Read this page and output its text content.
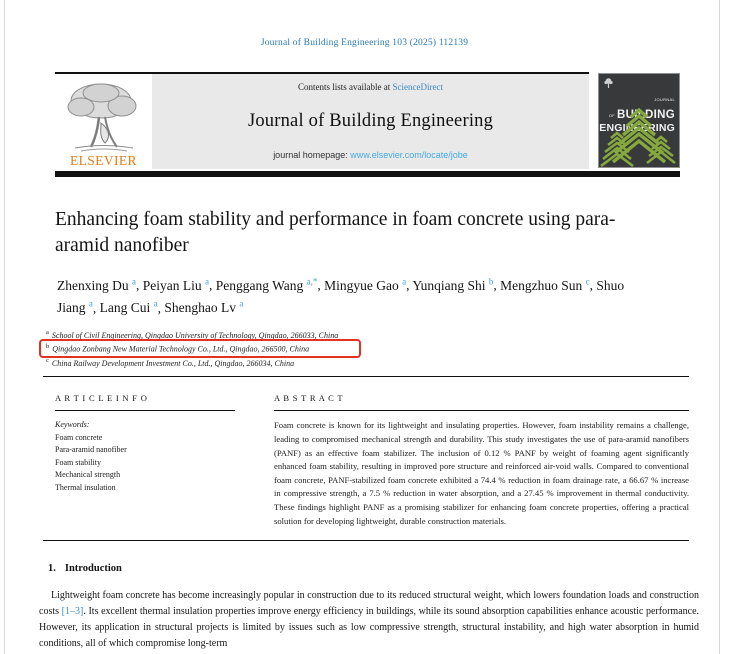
Journal of Building Engineering 103 (2025) 112139
ELSEVIER
Contents lists available at ScienceDirect
Journal of Building Engineering
journal homepage: www.elsevier.com/locate/jobe
JOURNAL OF BUILDING
ENGINEERING
Enhancing foam stability and performance in foam concrete using para-aramid nanofiber
Zhenxing Du $^a$, Peiyan Liu $^a$, Penggang Wang $^{a,*}$, Mingyue Gao $^a$, Yunqiang Shi $^b$, Mengzhuo Sun $^c$, Shuo Jiang $^a$, Lang Cui $^a$, Shenghao Lv $^a$
$^a$ School of Civil Engineering, Qingdao University of Technology, Qingdao, 266033, China
$^b$ Qingdao Zonbang New Material Technology Co., Ltd., Qingdao, 266500, China
$^c$ China Railway Development Investment Co., Ltd., Qingdao, 266034, China
A R T I C L E I N F O
Keywords:
Foam concrete
Para-aramid nanofiber
Foam stability
Mechanical strength
Thermal insulation
A B S T R A C T
Foam concrete is known for its lightweight and insulating properties. However, foam instability remains a challenge, leading to compromised mechanical strength and durability. This study investigates the use of para-aramid nanofibers (PANF) as an effective foam stabilizer. The inclusion of 0.12 % PANF by weight of foaming agent significantly enhanced foam stability, resulting in improved pore structure and reinforced air-void walls. Compared to conventional foam concrete, PANF-stabilized foam concrete exhibited a 74.4 % reduction in foam drainage rate, a 66.67 % increase in compressive strength, a 7.5 % reduction in water absorption, and a 27.45 % improvement in thermal conductivity. These findings highlight PANF as a promising stabilizer for enhancing foam concrete properties, offering a practical solution for developing lightweight, durable construction materials.
1. Introduction

Lightweight foam concrete has become increasingly popular in construction due to its reduced structural weight, which lowers foundation loads and construction costs [1–3]. Its excellent thermal insulation properties improve energy efficiency in buildings, while its sound absorption capabilities enhance acoustic performance. However, its application in structural projects is limited by issues such as low compressive strength, structural instability, and high water absorption in humid conditions, all of which compromise long-term
